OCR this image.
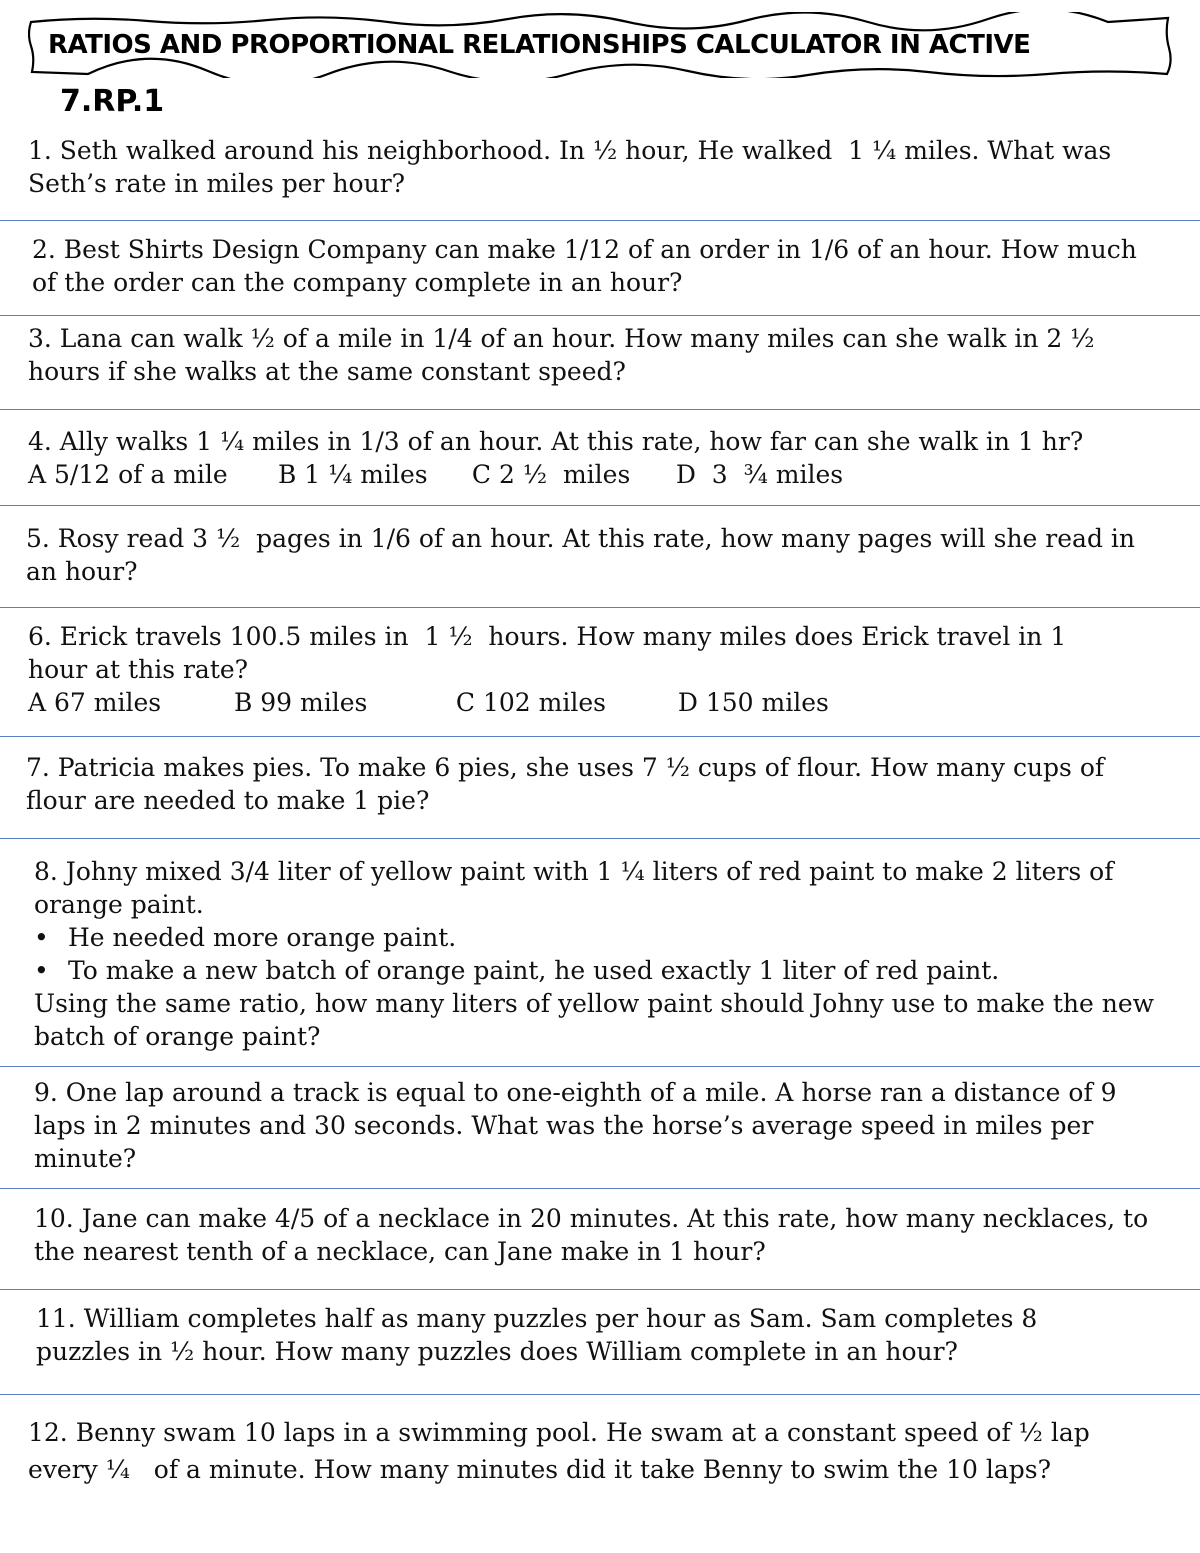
RATIOS AND PROPORTIONAL RELATIONSHIPS CALCULATOR IN ACTIVE
7.RP.1
1. Seth walked around his neighborhood. In ½ hour, He walked  1 ¼ miles. What was Seth’s rate in miles per hour?
2. Best Shirts Design Company can make 1/12 of an order in 1/6 of an hour. How much of the order can the company complete in an hour?
3. Lana can walk ½ of a mile in 1/4 of an hour. How many miles can she walk in 2 ½  hours if she walks at the same constant speed?
4. Ally walks 1 ¼ miles in 1/3 of an hour. At this rate, how far can she walk in 1 hr?
A 5/12 of a mile B 1 ¼ miles C 2 ½  miles D  3  ¾ miles
5. Rosy read 3 ½  pages in 1/6 of an hour. At this rate, how many pages will she read in an hour?
6. Erick travels 100.5 miles in  1 ½  hours. How many miles does Erick travel in 1 hour at this rate?
A 67 miles	B 99 miles	C 102 miles	D 150 miles
7. Patricia makes pies. To make 6 pies, she uses 7 ½ cups of flour. How many cups of flour are needed to make 1 pie?
8. Johny mixed 3/4 liter of yellow paint with 1 ¼ liters of red paint to make 2 liters of orange paint.
• He needed more orange paint.
• To make a new batch of orange paint, he used exactly 1 liter of red paint.
Using the same ratio, how many liters of yellow paint should Johny use to make the new batch of orange paint?
9. One lap around a track is equal to one-eighth of a mile. A horse ran a distance of 9 laps in 2 minutes and 30 seconds. What was the horse’s average speed in miles per minute?
10. Jane can make 4/5 of a necklace in 20 minutes. At this rate, how many necklaces, to the nearest tenth of a necklace, can Jane make in 1 hour?
11. William completes half as many puzzles per hour as Sam. Sam completes 8 puzzles in ½ hour. How many puzzles does William complete in an hour?
12. Benny swam 10 laps in a swimming pool. He swam at a constant speed of ½ lap every ¼   of a minute. How many minutes did it take Benny to swim the 10 laps?
